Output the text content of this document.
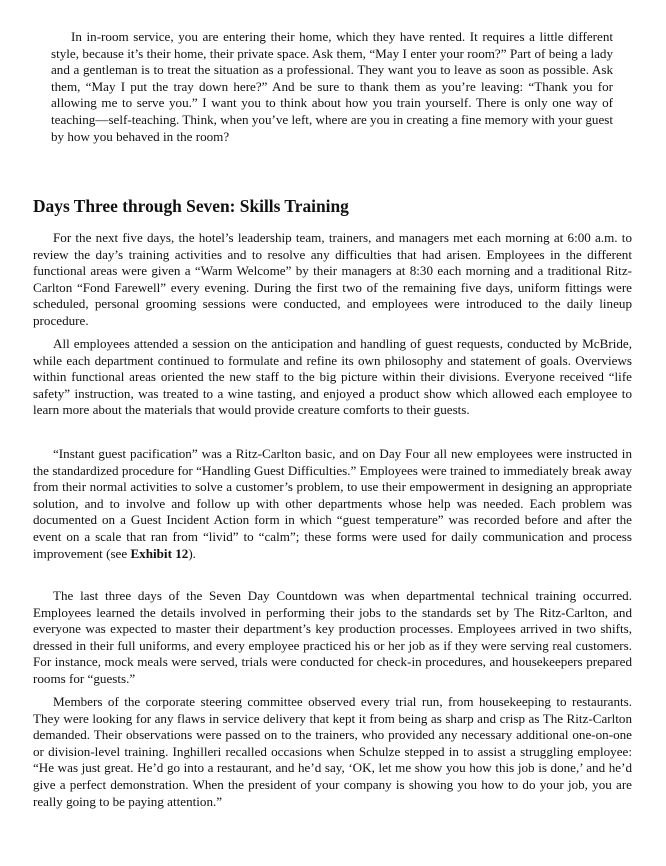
In in-room service, you are entering their home, which they have rented. It requires a little different style, because it’s their home, their private space. Ask them, “May I enter your room?” Part of being a lady and a gentleman is to treat the situation as a professional. They want you to leave as soon as possible. Ask them, “May I put the tray down here?” And be sure to thank them as you’re leaving: “Thank you for allowing me to serve you.” I want you to think about how you train yourself. There is only one way of teaching—self-teaching. Think, when you’ve left, where are you in creating a fine memory with your guest by how you behaved in the room?

Days Three through Seven: Skills Training

For the next five days, the hotel’s leadership team, trainers, and managers met each morning at 6:00 a.m. to review the day’s training activities and to resolve any difficulties that had arisen. Employees in the different functional areas were given a “Warm Welcome” by their managers at 8:30 each morning and a traditional Ritz-Carlton “Fond Farewell” every evening. During the first two of the remaining five days, uniform fittings were scheduled, personal grooming sessions were conducted, and employees were introduced to the daily lineup procedure.

All employees attended a session on the anticipation and handling of guest requests, conducted by McBride, while each department continued to formulate and refine its own philosophy and statement of goals. Overviews within functional areas oriented the new staff to the big picture within their divisions. Everyone received “life safety” instruction, was treated to a wine tasting, and enjoyed a product show which allowed each employee to learn more about the materials that would provide creature comforts to their guests.

“Instant guest pacification” was a Ritz-Carlton basic, and on Day Four all new employees were instructed in the standardized procedure for “Handling Guest Difficulties.” Employees were trained to immediately break away from their normal activities to solve a customer’s problem, to use their empowerment in designing an appropriate solution, and to involve and follow up with other departments whose help was needed. Each problem was documented on a Guest Incident Action form in which “guest temperature” was recorded before and after the event on a scale that ran from “livid” to “calm”; these forms were used for daily communication and process improvement (see Exhibit 12).

The last three days of the Seven Day Countdown was when departmental technical training occurred. Employees learned the details involved in performing their jobs to the standards set by The Ritz-Carlton, and everyone was expected to master their department’s key production processes. Employees arrived in two shifts, dressed in their full uniforms, and every employee practiced his or her job as if they were serving real customers. For instance, mock meals were served, trials were conducted for check-in procedures, and housekeepers prepared rooms for “guests.”

Members of the corporate steering committee observed every trial run, from housekeeping to restaurants. They were looking for any flaws in service delivery that kept it from being as sharp and crisp as The Ritz-Carlton demanded. Their observations were passed on to the trainers, who provided any necessary additional one-on-one or division-level training. Inghilleri recalled occasions when Schulze stepped in to assist a struggling employee: “He was just great. He’d go into a restaurant, and he’d say, ‘OK, let me show you how this job is done,’ and he’d give a perfect demonstration. When the president of your company is showing you how to do your job, you are really going to be paying attention.”
